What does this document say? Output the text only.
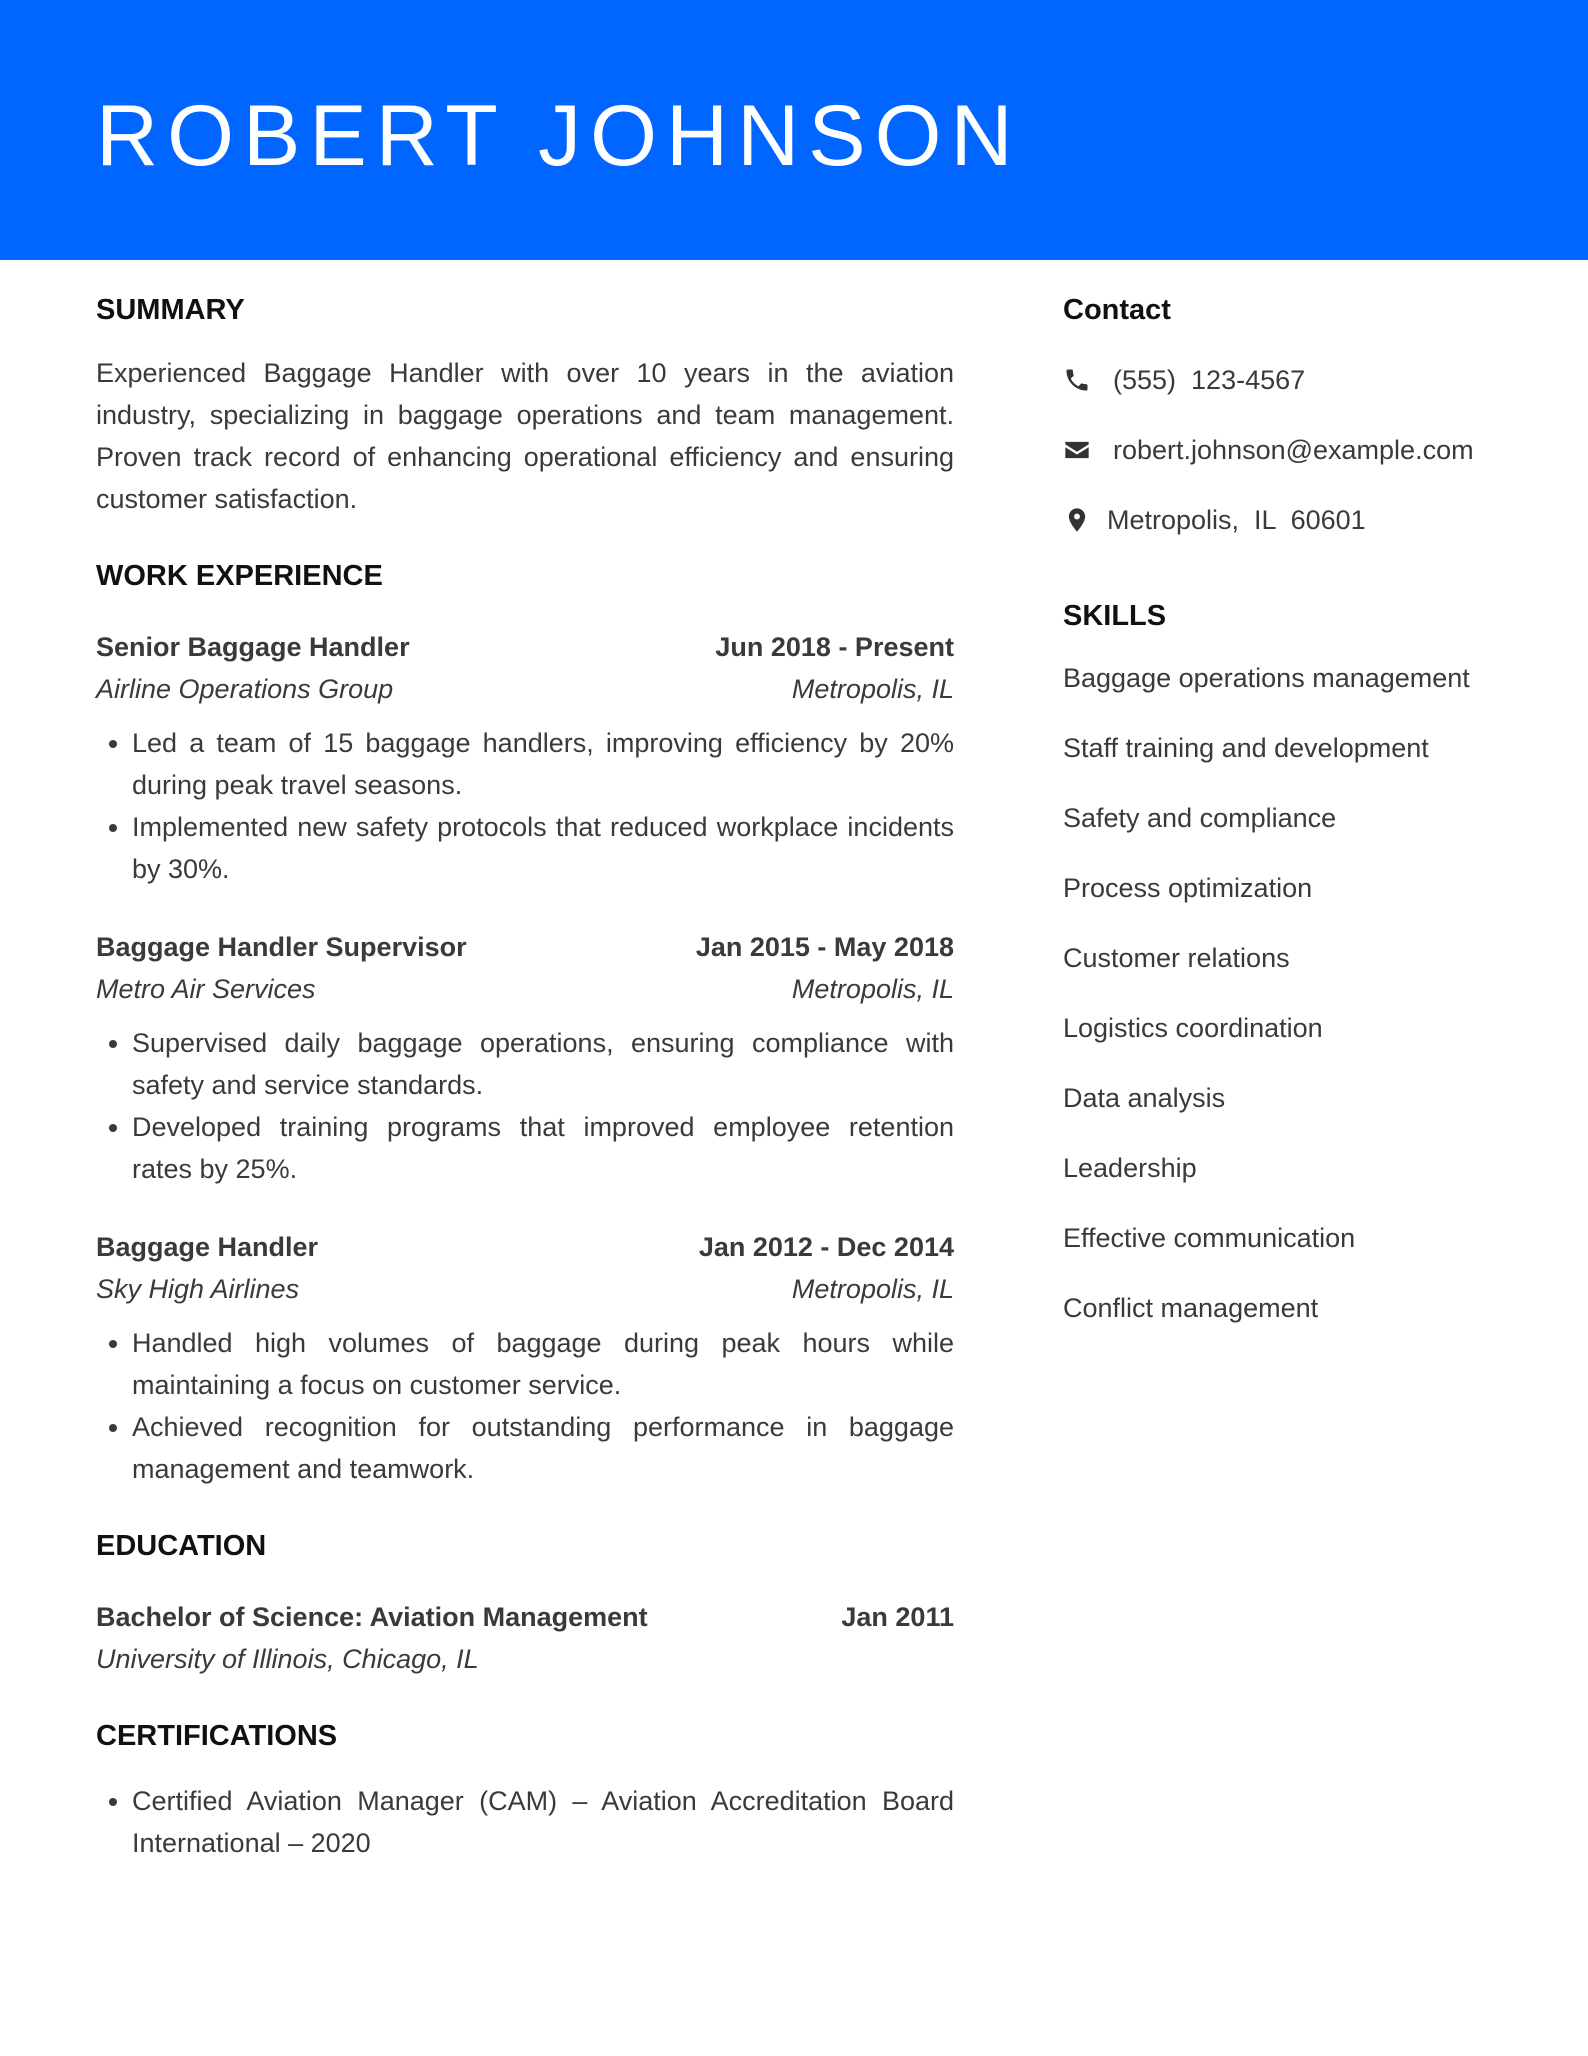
ROBERT JOHNSON
SUMMARY

Experienced Baggage Handler with over 10 years in the aviation industry, specializing in baggage operations and team management. Proven track record of enhancing operational efficiency and ensuring customer satisfaction.

WORK EXPERIENCE
Senior Baggage Handler	Jun 2018 - Present
Airline Operations Group	Metropolis, IL
• Led a team of 15 baggage handlers, improving efficiency by 20% during peak travel seasons.
• Implemented new safety protocols that reduced workplace incidents by 30%.
Baggage Handler Supervisor	Jan 2015 - May 2018
Metro Air Services	Metropolis, IL
• Supervised daily baggage operations, ensuring compliance with safety and service standards.
• Developed training programs that improved employee retention rates by 25%.
Baggage Handler	Jan 2012 - Dec 2014
Sky High Airlines	Metropolis, IL
• Handled high volumes of baggage during peak hours while maintaining a focus on customer service.
• Achieved recognition for outstanding performance in baggage management and teamwork.
EDUCATION
Bachelor of Science: Aviation Management	Jan 2011
University of Illinois, Chicago, IL
CERTIFICATIONS
• Certified Aviation Manager (CAM) – Aviation Accreditation Board International – 2020
Contact
(555)  123-4567
robert.johnson@example.com
Metropolis,  IL  60601
SKILLS
Baggage operations management
Staff training and development
Safety and compliance
Process optimization
Customer relations
Logistics coordination
Data analysis
Leadership
Effective communication
Conflict management
